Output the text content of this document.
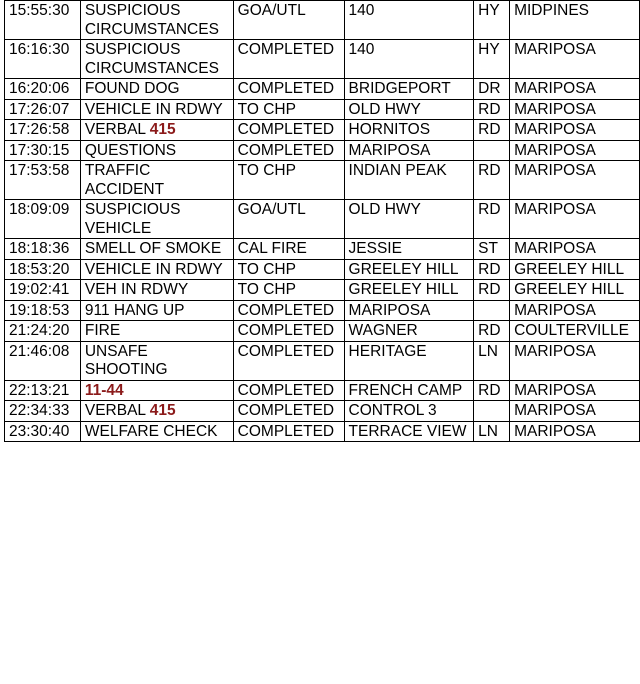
15:55:30	SUSPICIOUS CIRCUMSTANCES	GOA/UTL	140	HY	MIDPINES
16:16:30	SUSPICIOUS CIRCUMSTANCES	COMPLETED	140	HY	MARIPOSA
16:20:06	FOUND DOG	COMPLETED	BRIDGEPORT	DR	MARIPOSA
17:26:07	VEHICLE IN RDWY	TO CHP	OLD HWY	RD	MARIPOSA
17:26:58	VERBAL 415	COMPLETED	HORNITOS	RD	MARIPOSA
17:30:15	QUESTIONS	COMPLETED	MARIPOSA		MARIPOSA
17:53:58	TRAFFIC ACCIDENT	TO CHP	INDIAN PEAK	RD	MARIPOSA
18:09:09	SUSPICIOUS VEHICLE	GOA/UTL	OLD HWY	RD	MARIPOSA
18:18:36	SMELL OF SMOKE	CAL FIRE	JESSIE	ST	MARIPOSA
18:53:20	VEHICLE IN RDWY	TO CHP	GREELEY HILL	RD	GREELEY HILL
19:02:41	VEH IN RDWY	TO CHP	GREELEY HILL	RD	GREELEY HILL
19:18:53	911 HANG UP	COMPLETED	MARIPOSA		MARIPOSA
21:24:20	FIRE	COMPLETED	WAGNER	RD	COULTERVILLE
21:46:08	UNSAFE SHOOTING	COMPLETED	HERITAGE	LN	MARIPOSA
22:13:21	11-44	COMPLETED	FRENCH CAMP	RD	MARIPOSA
22:34:33	VERBAL 415	COMPLETED	CONTROL 3		MARIPOSA
23:30:40	WELFARE CHECK	COMPLETED	TERRACE VIEW	LN	MARIPOSA
